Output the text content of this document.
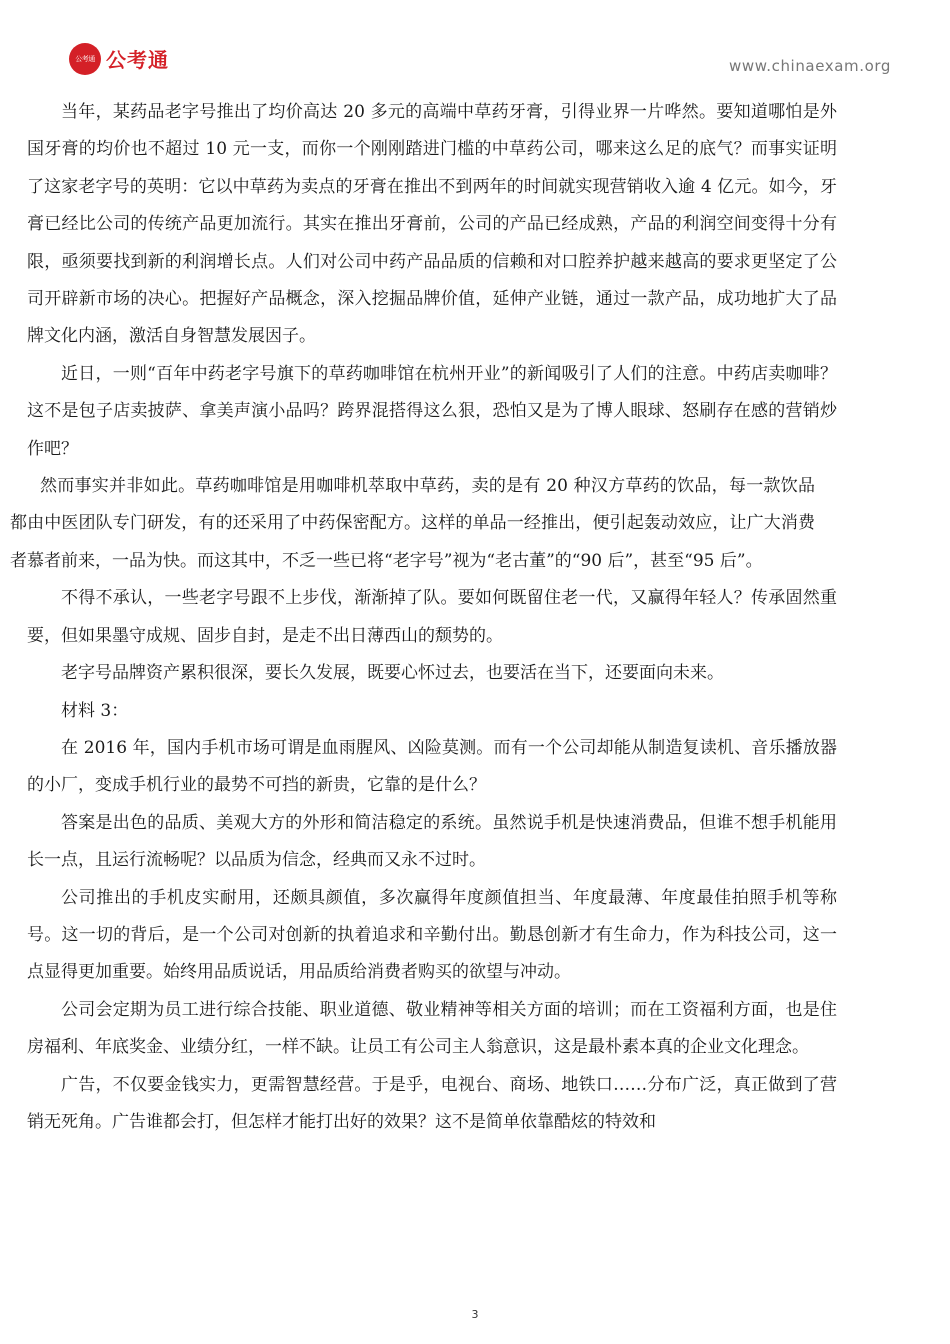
公考通 公考通	www.chinaexam.org

当年，某药品老字号推出了均价高达 20 多元的高端中草药牙膏，引得业界一片哗然。要知道哪怕是外国牙膏的均价也不超过 10 元一支，而你一个刚刚踏进门槛的中草药公司，哪来这么足的底气？而事实证明了这家老字号的英明：它以中草药为卖点的牙膏在推出不到两年的时间就实现营销收入逾 4 亿元。如今，牙膏已经比公司的传统产品更加流行。其实在推出牙膏前，公司的产品已经成熟，产品的利润空间变得十分有限，亟须要找到新的利润增长点。人们对公司中药产品品质的信赖和对口腔养护越来越高的要求更坚定了公司开辟新市场的决心。把握好产品概念，深入挖掘品牌价值，延伸产业链，通过一款产品，成功地扩大了品牌文化内涵，激活自身智慧发展因子。

近日，一则“百年中药老字号旗下的草药咖啡馆在杭州开业”的新闻吸引了人们的注意。中药店卖咖啡？这不是包子店卖披萨、拿美声演小品吗？跨界混搭得这么狠，恐怕又是为了博人眼球、怒刷存在感的营销炒作吧？

然而事实并非如此。草药咖啡馆是用咖啡机萃取中草药，卖的是有 20 种汉方草药的饮品，每一款饮品都由中医团队专门研发，有的还采用了中药保密配方。这样的单品一经推出，便引起轰动效应，让广大消费者慕者前来，一品为快。而这其中，不乏一些已将“老字号”视为“老古董”的“90 后”，甚至“95 后”。

不得不承认，一些老字号跟不上步伐，渐渐掉了队。要如何既留住老一代，又赢得年轻人？传承固然重要，但如果墨守成规、固步自封，是走不出日薄西山的颓势的。

老字号品牌资产累积很深，要长久发展，既要心怀过去，也要活在当下，还要面向未来。

材料 3：

在 2016 年，国内手机市场可谓是血雨腥风、凶险莫测。而有一个公司却能从制造复读机、音乐播放器的小厂，变成手机行业的最势不可挡的新贵，它靠的是什么？

答案是出色的品质、美观大方的外形和简洁稳定的系统。虽然说手机是快速消费品，但谁不想手机能用长一点，且运行流畅呢？以品质为信念，经典而又永不过时。

公司推出的手机皮实耐用，还颇具颜值，多次赢得年度颜值担当、年度最薄、年度最佳拍照手机等称号。这一切的背后，是一个公司对创新的执着追求和辛勤付出。勤恳创新才有生命力，作为科技公司，这一点显得更加重要。始终用品质说话，用品质给消费者购买的欲望与冲动。

公司会定期为员工进行综合技能、职业道德、敬业精神等相关方面的培训；而在工资福利方面，也是住房福利、年底奖金、业绩分红，一样不缺。让员工有公司主人翁意识，这是最朴素本真的企业文化理念。

广告，不仅要金钱实力，更需智慧经营。于是乎，电视台、商场、地铁口……分布广泛，真正做到了营销无死角。广告谁都会打，但怎样才能打出好的效果？这不是简单依靠酷炫的特效和

3
